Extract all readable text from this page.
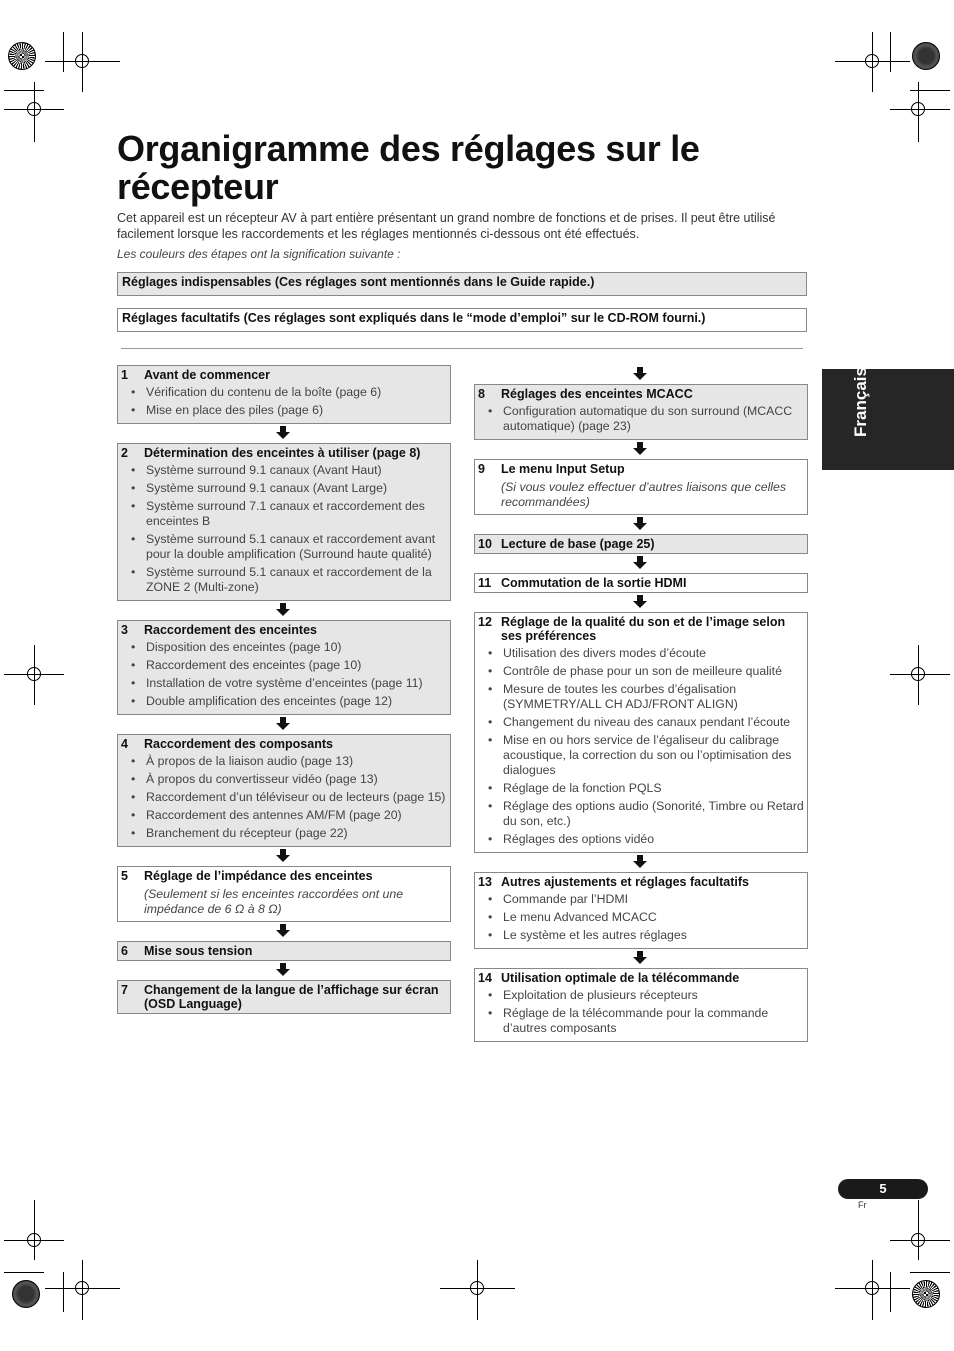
Organigramme des réglages sur le récepteur

Cet appareil est un récepteur AV à part entière présentant un grand nombre de fonctions et de prises. Il peut être utilisé facilement lorsque les raccordements et les réglages mentionnés ci-dessous ont été effectués.

Les couleurs des étapes ont la signification suivante :

Réglages indispensables (Ces réglages sont mentionnés dans le Guide rapide.)
Réglages facultatifs (Ces réglages sont expliqués dans le “mode d’emploi” sur le CD-ROM fourni.)
1	Avant de commencer
• Vérification du contenu de la boîte (page 6)
• Mise en place des piles (page 6)
2	Détermination des enceintes à utiliser (page 8)
• Système surround 9.1 canaux (Avant Haut)
• Système surround 9.1 canaux (Avant Large)
• Système surround 7.1 canaux et raccordement des enceintes B
• Système surround 5.1 canaux et raccordement avant pour la double amplification (Surround haute qualité)
• Système surround 5.1 canaux et raccordement de la ZONE 2 (Multi-zone)
3	Raccordement des enceintes
• Disposition des enceintes (page 10)
• Raccordement des enceintes (page 10)
• Installation de votre système d’enceintes (page 11)
• Double amplification des enceintes (page 12)
4	Raccordement des composants
• À propos de la liaison audio (page 13)
• À propos du convertisseur vidéo (page 13)
• Raccordement d’un téléviseur ou de lecteurs (page 15)
• Raccordement des antennes AM/FM (page 20)
• Branchement du récepteur (page 22)
5	Réglage de l’impédance des enceintes
(Seulement si les enceintes raccordées ont une impédance de 6 Ω à 8 Ω)
6	Mise sous tension
7	Changement de la langue de l’affichage sur écran (OSD Language)
8	Réglages des enceintes MCACC
• Configuration automatique du son surround (MCACC automatique) (page 23)
9	Le menu Input Setup
(Si vous voulez effectuer d’autres liaisons que celles recommandées)
10 Lecture de base (page 25)
11 Commutation de la sortie HDMI
12 Réglage de la qualité du son et de l’image selon ses préférences
• Utilisation des divers modes d’écoute
• Contrôle de phase pour un son de meilleure qualité
• Mesure de toutes les courbes d’égalisation (SYMMETRY/ALL CH ADJ/FRONT ALIGN)
• Changement du niveau des canaux pendant l’écoute
• Mise en ou hors service de l’égaliseur du calibrage acoustique, la correction du son ou l’optimisation des dialogues
• Réglage de la fonction PQLS
• Réglage des options audio (Sonorité, Timbre ou Retard du son, etc.)
• Réglages des options vidéo
13 Autres ajustements et réglages facultatifs
• Commande par l’HDMI
• Le menu Advanced MCACC
• Le système et les autres réglages
14 Utilisation optimale de la télécommande
• Exploitation de plusieurs récepteurs
• Réglage de la télécommande pour la commande d’autres composants
Français
5
Fr
